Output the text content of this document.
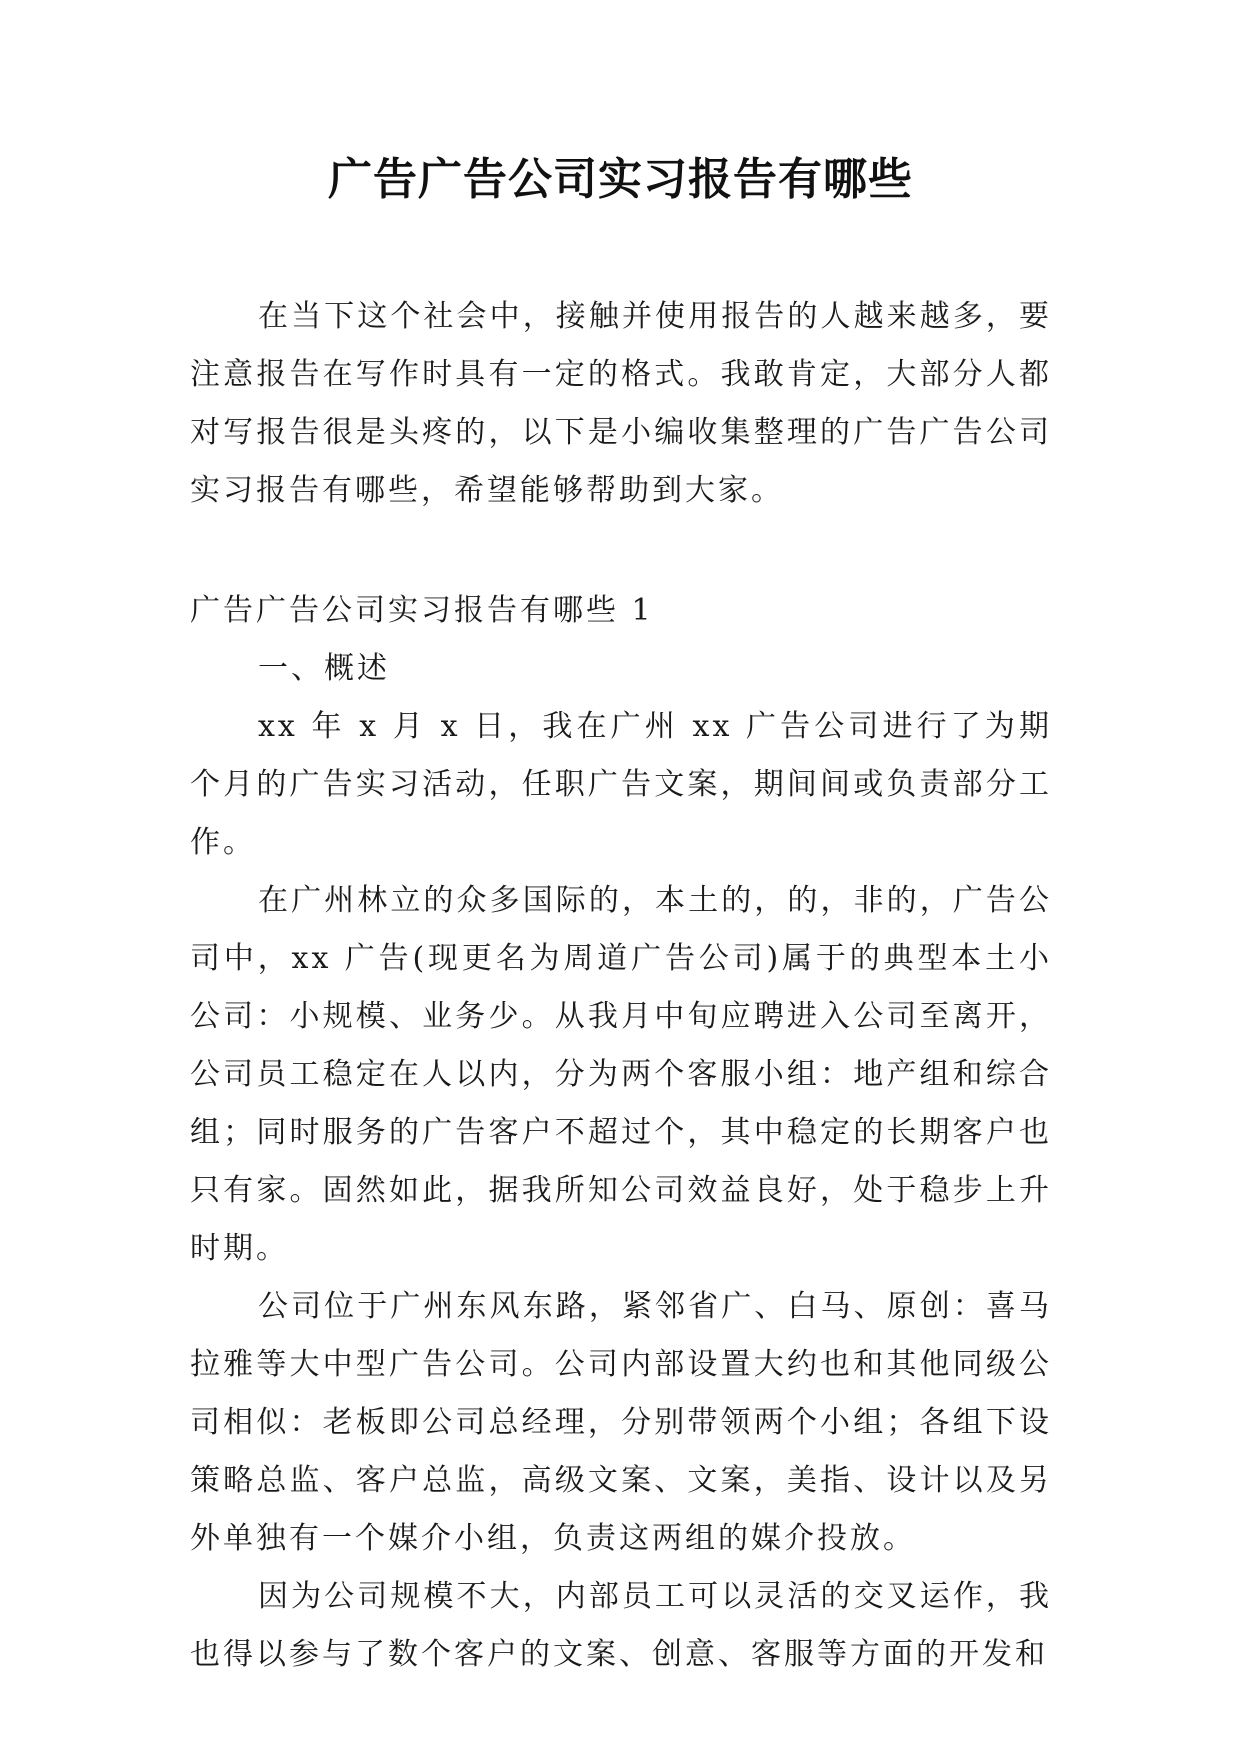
广告广告公司实习报告有哪些

在当下这个社会中，接触并使用报告的人越来越多，要注意报告在写作时具有一定的格式。我敢肯定，大部分人都对写报告很是头疼的，以下是小编收集整理的广告广告公司实习报告有哪些，希望能够帮助到大家。

广告广告公司实习报告有哪些 1

一、概述

xx 年 x 月 x 日，我在广州 xx 广告公司进行了为期个月的广告实习活动，任职广告文案，期间间或负责部分工作。

在广州林立的众多国际的，本土的，的，非的，广告公司中，xx 广告(现更名为周道广告公司)属于的典型本土小公司：小规模、业务少。从我月中旬应聘进入公司至离开，公司员工稳定在人以内，分为两个客服小组：地产组和综合组；同时服务的广告客户不超过个，其中稳定的长期客户也只有家。固然如此，据我所知公司效益良好，处于稳步上升时期。

公司位于广州东风东路，紧邻省广、白马、原创：喜马拉雅等大中型广告公司。公司内部设置大约也和其他同级公司相似：老板即公司总经理，分别带领两个小组；各组下设策略总监、客户总监，高级文案、文案，美指、设计以及另外单独有一个媒介小组，负责这两组的媒介投放。

因为公司规模不大，内部员工可以灵活的交叉运作，我也得以参与了数个客户的文案、创意、客服等方面的开发和
